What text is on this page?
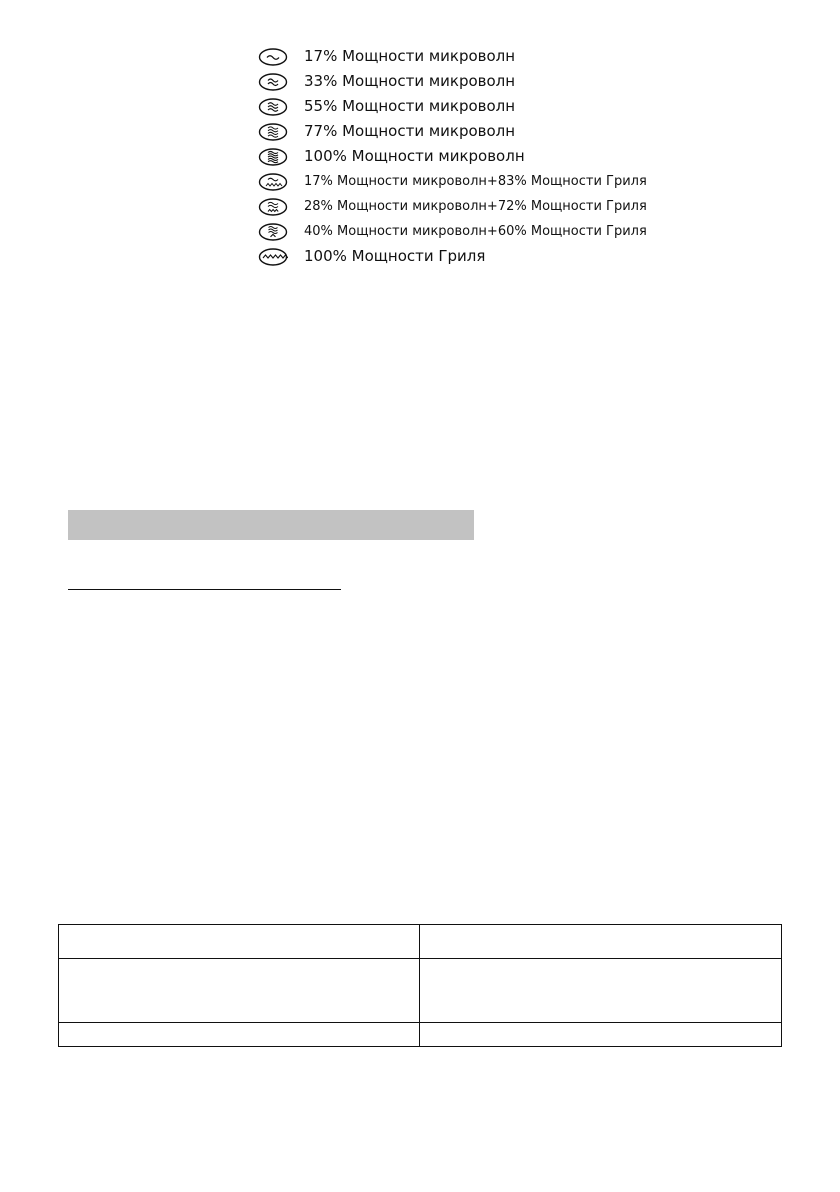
17% Мощности микроволн
33% Мощности микроволн
55% Мощности микроволн
77% Мощности микроволн
100% Мощности микроволн
17% Мощности микроволн+83% Мощности Гриля
28% Мощности микроволн+72% Мощности Гриля
40% Мощности микроволн+60% Мощности Гриля
100% Мощности Гриля
